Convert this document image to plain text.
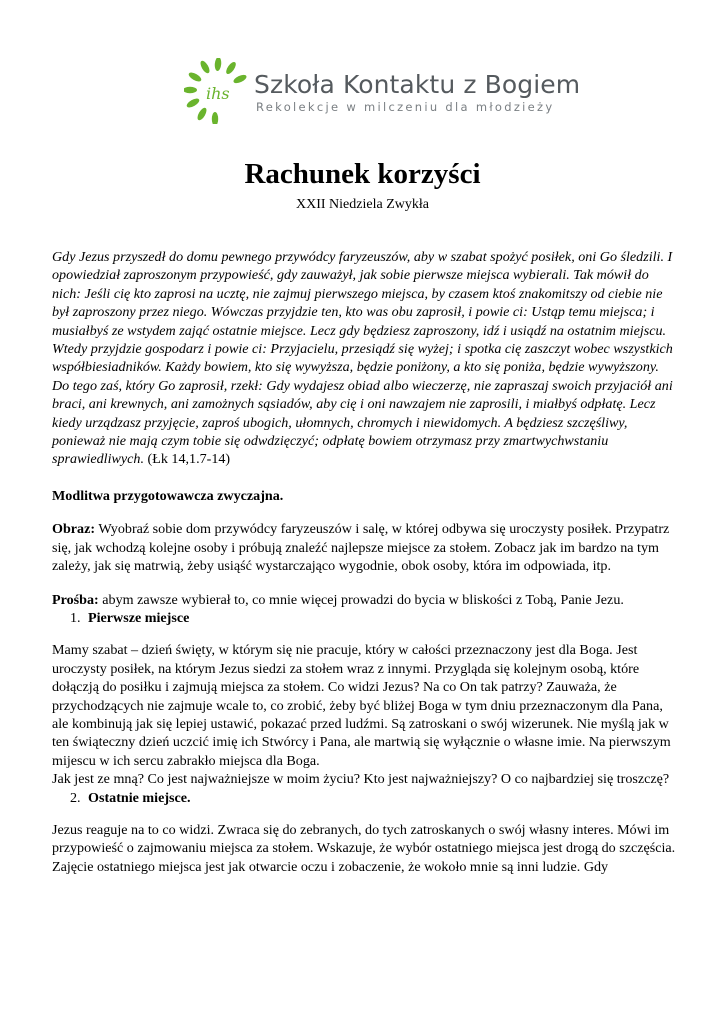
ihs Szkoła Kontaktu z Bogiem
Rekolekcje w milczeniu dla młodzieży
Rachunek korzyści
XXII Niedziela Zwykła

Gdy Jezus przyszedł do domu pewnego przywódcy faryzeuszów, aby w szabat spożyć posiłek, oni Go śledzili. I opowiedział zaproszonym przypowieść, gdy zauważył, jak sobie pierwsze miejsca wybierali. Tak mówił do nich: Jeśli cię kto zaprosi na ucztę, nie zajmuj pierwszego miejsca, by czasem ktoś znakomitszy od ciebie nie był zaproszony przez niego. Wówczas przyjdzie ten, kto was obu zaprosił, i powie ci: Ustąp temu miejsca; i musiałbyś ze wstydem zająć ostatnie miejsce. Lecz gdy będziesz zaproszony, idź i usiądź na ostatnim miejscu. Wtedy przyjdzie gospodarz i powie ci: Przyjacielu, przesiądź się wyżej; i spotka cię zaszczyt wobec wszystkich współbiesiadników. Każdy bowiem, kto się wywyższa, będzie poniżony, a kto się poniża, będzie wywyższony. Do tego zaś, który Go zaprosił, rzekł: Gdy wydajesz obiad albo wieczerzę, nie zapraszaj swoich przyjaciół ani braci, ani krewnych, ani zamożnych sąsiadów, aby cię i oni nawzajem nie zaprosili, i miałbyś odpłatę. Lecz kiedy urządzasz przyjęcie, zaproś ubogich, ułomnych, chromych i niewidomych. A będziesz szczęśliwy, ponieważ nie mają czym tobie się odwdzięczyć; odpłatę bowiem otrzymasz przy zmartwychwstaniu sprawiedliwych. (Łk 14,1.7-14)

Modlitwa przygotowawcza zwyczajna.

Obraz: Wyobraź sobie dom przywódcy faryzeuszów i salę, w której odbywa się uroczysty posiłek. Przypatrz się, jak wchodzą kolejne osoby i próbują znaleźć najlepsze miejsce za stołem. Zobacz jak im bardzo na tym zależy, jak się matrwią, żeby usiąść wystarczająco wygodnie, obok osoby, która im odpowiada, itp.

Prośba: abym zawsze wybierał to, co mnie więcej prowadzi do bycia w bliskości z Tobą, Panie Jezu.

1. Pierwsze miejsce

Mamy szabat – dzień święty, w którym się nie pracuje, który w całości przeznaczony jest dla Boga. Jest uroczysty posiłek, na którym Jezus siedzi za stołem wraz z innymi. Przygląda się kolejnym osobą, które dołączją do posiłku i zajmują miejsca za stołem. Co widzi Jezus? Na co On tak patrzy? Zauważa, że przychodzących nie zajmuje wcale to, co zrobić, żeby być bliżej Boga w tym dniu przeznaczonym dla Pana, ale kombinują jak się lepiej ustawić, pokazać przed ludźmi. Są zatroskani o swój wizerunek. Nie myślą jak w ten świąteczny dzień uczcić imię ich Stwórcy i Pana, ale martwią się wyłącznie o własne imie. Na pierwszym mijescu w ich sercu zabrakło miejsca dla Boga.

Jak jest ze mną? Co jest najważniejsze w moim życiu? Kto jest najważniejszy? O co najbardziej się troszczę?

2. Ostatnie miejsce.

Jezus reaguje na to co widzi. Zwraca się do zebranych, do tych zatroskanych o swój własny interes. Mówi im przypowieść o zajmowaniu miejsca za stołem. Wskazuje, że wybór ostatniego miejsca jest drogą do szczęścia.

Zajęcie ostatniego miejsca jest jak otwarcie oczu i zobaczenie, że wokoło mnie są inni ludzie. Gdy
